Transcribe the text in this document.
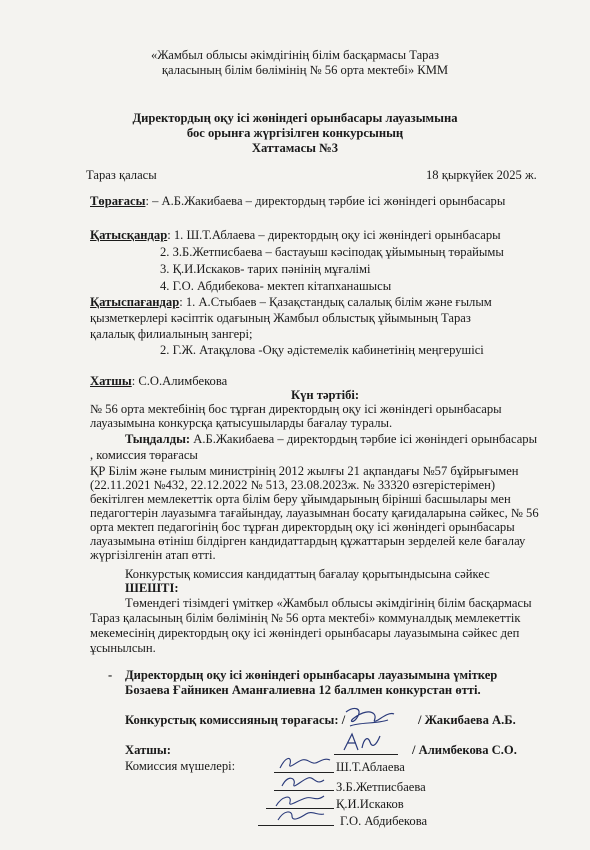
«Жамбыл облысы әкімдігінің білім басқармасы Тараз
қаласының білім бөлімінің № 56 орта мектебі» КММ
Директордың оқу ісі жөніндегі орынбасары лауазымына
бос орынға жүргізілген конкурсының
Хаттамасы №3
Тараз қаласы	18 қыркүйек 2025 ж.
Төрағасы: – А.Б.Жакибаева – директордың тәрбие ісі жөніндегі орынбасары
Қатысқандар: 1. Ш.Т.Аблаева – директордың оқу ісі жөніндегі орынбасары
2. З.Б.Жетписбаева – бастауыш кәсіподақ ұйымының төрайымы
3. Қ.И.Искаков- тарих пәнінің мұғалімі
4. Г.О. Абдибекова- мектеп кітапханашысы
Қатыспағандар: 1. А.Стыбаев – Қазақстандық салалық білім және ғылым
қызметкерлері кәсіптік одағының Жамбыл облыстық ұйымының Тараз
қалалық филиалының зангері;
2. Г.Ж. Атақұлова -Оқу әдістемелік кабинетінің меңгерушісі
Хатшы: С.О.Алимбекова
Күн тәртібі:
№ 56 орта мектебінің бос тұрған директордың оқу ісі жөніндегі орынбасары
лауазымына конкурсқа қатысушыларды бағалау туралы.
Тыңдалды: А.Б.Жакибаева – директордың тәрбие ісі жөніндегі орынбасары
, комиссия төрағасы
ҚР Білім және ғылым министрінің 2012 жылғы 21 ақпандағы №57 бұйрығымен
(22.11.2021 №432, 22.12.2022 № 513, 23.08.2023ж. № 33320 өзгерістерімен)
бекітілген мемлекеттік орта білім беру ұйымдарының бірінші басшылары мен
педагогтерін лауазымға тағайындау, лауазымнан босату қағидаларына сәйкес, № 56
орта мектеп педагогінің бос тұрған директордың оқу ісі жөніндегі орынбасары
лауазымына өтініш білдірген кандидаттардың құжаттарын зерделей келе бағалау
жүргізілгенін атап өтті.
Конкурстық комиссия кандидаттың бағалау қорытындысына сәйкес
ШЕШТІ:
Төмендегі тізімдегі үміткер «Жамбыл облысы әкімдігінің білім басқармасы
Тараз қаласының білім бөлімінің № 56 орта мектебі» коммуналдық мемлекеттік
мекемесінің директордың оқу ісі жөніндегі орынбасары лауазымына сәйкес деп
ұсынылсын.
- Директордың оқу ісі жөніндегі орынбасары лауазымына үміткер
Бозаева Ғайникен Аманғалиевна 12 баллмен конкурстан өтті.
Конкурстық комиссияның төрағасы: /	/ Жакибаева А.Б.
Хатшы:	/ Алимбекова С.О.
Комиссия мүшелері:	Ш.Т.Аблаева
З.Б.Жетписбаева
Қ.И.Искаков
Г.О. Абдибекова
